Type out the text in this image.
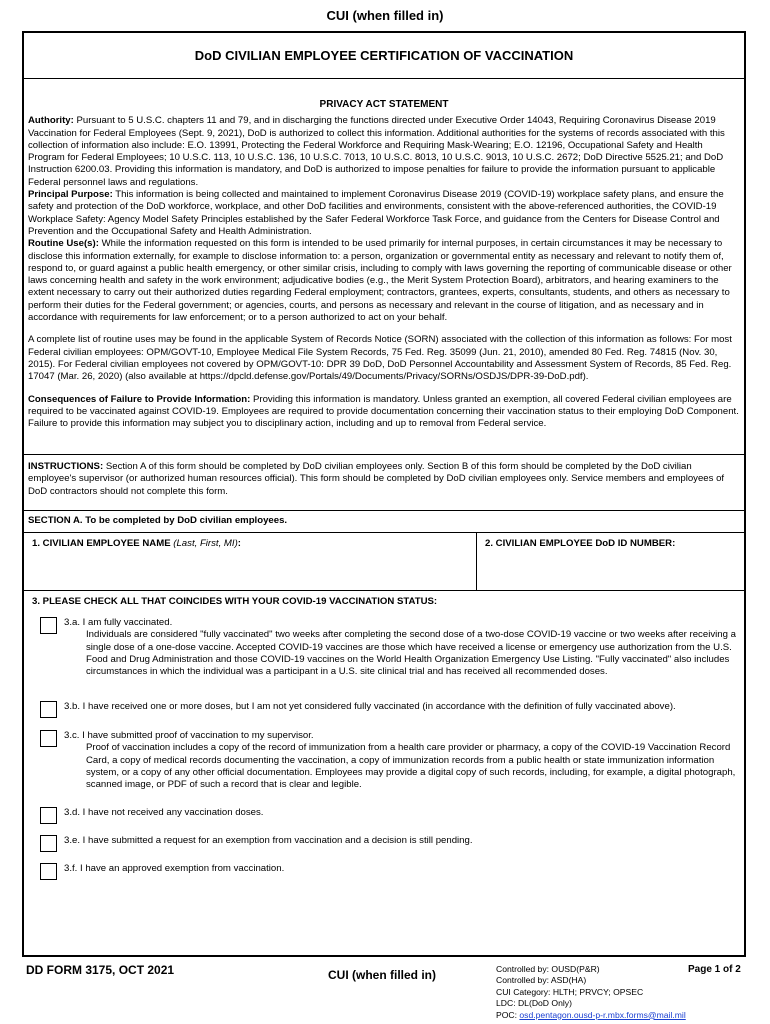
CUI (when filled in)
DoD CIVILIAN EMPLOYEE CERTIFICATION OF VACCINATION
PRIVACY ACT STATEMENT

Authority: Pursuant to 5 U.S.C. chapters 11 and 79, and in discharging the functions directed under Executive Order 14043, Requiring Coronavirus Disease 2019 Vaccination for Federal Employees (Sept. 9, 2021), DoD is authorized to collect this information. Additional authorities for the systems of records associated with this collection of information also include: E.O. 13991, Protecting the Federal Workforce and Requiring Mask-Wearing; E.O. 12196, Occupational Safety and Health Program for Federal Employees; 10 U.S.C. 113, 10 U.S.C. 136, 10 U.S.C. 7013, 10 U.S.C. 8013, 10 U.S.C. 9013, 10 U.S.C. 2672; DoD Directive 5525.21; and DoD Instruction 6200.03. Providing this information is mandatory, and DoD is authorized to impose penalties for failure to provide the information pursuant to applicable Federal personnel laws and regulations.

Principal Purpose: This information is being collected and maintained to implement Coronavirus Disease 2019 (COVID-19) workplace safety plans, and ensure the safety and protection of the DoD workforce, workplace, and other DoD facilities and environments, consistent with the above-referenced authorities, the COVID-19 Workplace Safety: Agency Model Safety Principles established by the Safer Federal Workforce Task Force, and guidance from the Centers for Disease Control and Prevention and the Occupational Safety and Health Administration.

Routine Use(s): While the information requested on this form is intended to be used primarily for internal purposes, in certain circumstances it may be necessary to disclose this information externally, for example to disclose information to: a person, organization or governmental entity as necessary and relevant to notify them of, respond to, or guard against a public health emergency, or other similar crisis, including to comply with laws governing the reporting of communicable disease or other laws concerning health and safety in the work environment; adjudicative bodies (e.g., the Merit System Protection Board), arbitrators, and hearing examiners to the extent necessary to carry out their authorized duties regarding Federal employment; contractors, grantees, experts, consultants, students, and others as necessary to perform their duties for the Federal government; or agencies, courts, and persons as necessary and relevant in the course of litigation, and as necessary and in accordance with requirements for law enforcement; or to a person authorized to act on your behalf.

A complete list of routine uses may be found in the applicable System of Records Notice (SORN) associated with the collection of this information as follows: For most Federal civilian employees: OPM/GOVT-10, Employee Medical File System Records, 75 Fed. Reg. 35099 (Jun. 21, 2010), amended 80 Fed. Reg. 74815 (Nov. 30, 2015). For Federal civilian employees not covered by OPM/GOVT-10: DPR 39 DoD, DoD Personnel Accountability and Assessment System of Records, 85 Fed. Reg. 17047 (Mar. 26, 2020) (also available at https://dpcld.defense.gov/Portals/49/Documents/Privacy/SORNs/OSDJS/DPR-39-DoD.pdf).

Consequences of Failure to Provide Information: Providing this information is mandatory. Unless granted an exemption, all covered Federal civilian employees are required to be vaccinated against COVID-19. Employees are required to provide documentation concerning their vaccination status to their employing DoD Component. Failure to provide this information may subject you to disciplinary action, including and up to removal from Federal service.

INSTRUCTIONS: Section A of this form should be completed by DoD civilian employees only. Section B of this form should be completed by the DoD civilian employee's supervisor (or authorized human resources official). This form should be completed by DoD civilian employees only. Service members and employees of DoD contractors should not complete this form.
SECTION A. To be completed by DoD civilian employees.
1. CIVILIAN EMPLOYEE NAME (Last, First, MI):	2. CIVILIAN EMPLOYEE DoD ID NUMBER:
3. PLEASE CHECK ALL THAT COINCIDES WITH YOUR COVID-19 VACCINATION STATUS:
3.a. I am fully vaccinated.
Individuals are considered "fully vaccinated" two weeks after completing the second dose of a two-dose COVID-19 vaccine or two weeks after receiving a single dose of a one-dose vaccine. Accepted COVID-19 vaccines are those which have received a license or emergency use authorization from the U.S. Food and Drug Administration and those COVID-19 vaccines on the World Health Organization Emergency Use Listing. "Fully vaccinated" also includes circumstances in which the individual was a participant in a U.S. site clinical trial and has received all recommended doses.
3.b. I have received one or more doses, but I am not yet considered fully vaccinated (in accordance with the definition of fully vaccinated above).
3.c. I have submitted proof of vaccination to my supervisor.
Proof of vaccination includes a copy of the record of immunization from a health care provider or pharmacy, a copy of the COVID-19 Vaccination Record Card, a copy of medical records documenting the vaccination, a copy of immunization records from a public health or state immunization information system, or a copy of any other official documentation. Employees may provide a digital copy of such records, including, for example, a digital photograph, scanned image, or PDF of such a record that is clear and legible.
3.d. I have not received any vaccination doses.
3.e. I have submitted a request for an exemption from vaccination and a decision is still pending.
3.f. I have an approved exemption from vaccination.
DD FORM 3175, OCT 2021	CUI (when filled in)	Controlled by: OUSD(P&R)
Controlled by: ASD(HA)
CUI Category: HLTH; PRVCY; OPSEC
LDC: DL(DoD Only)
POC: osd.pentagon.ousd-p-r.mbx.forms@mail.mil
Page 1 of 2
